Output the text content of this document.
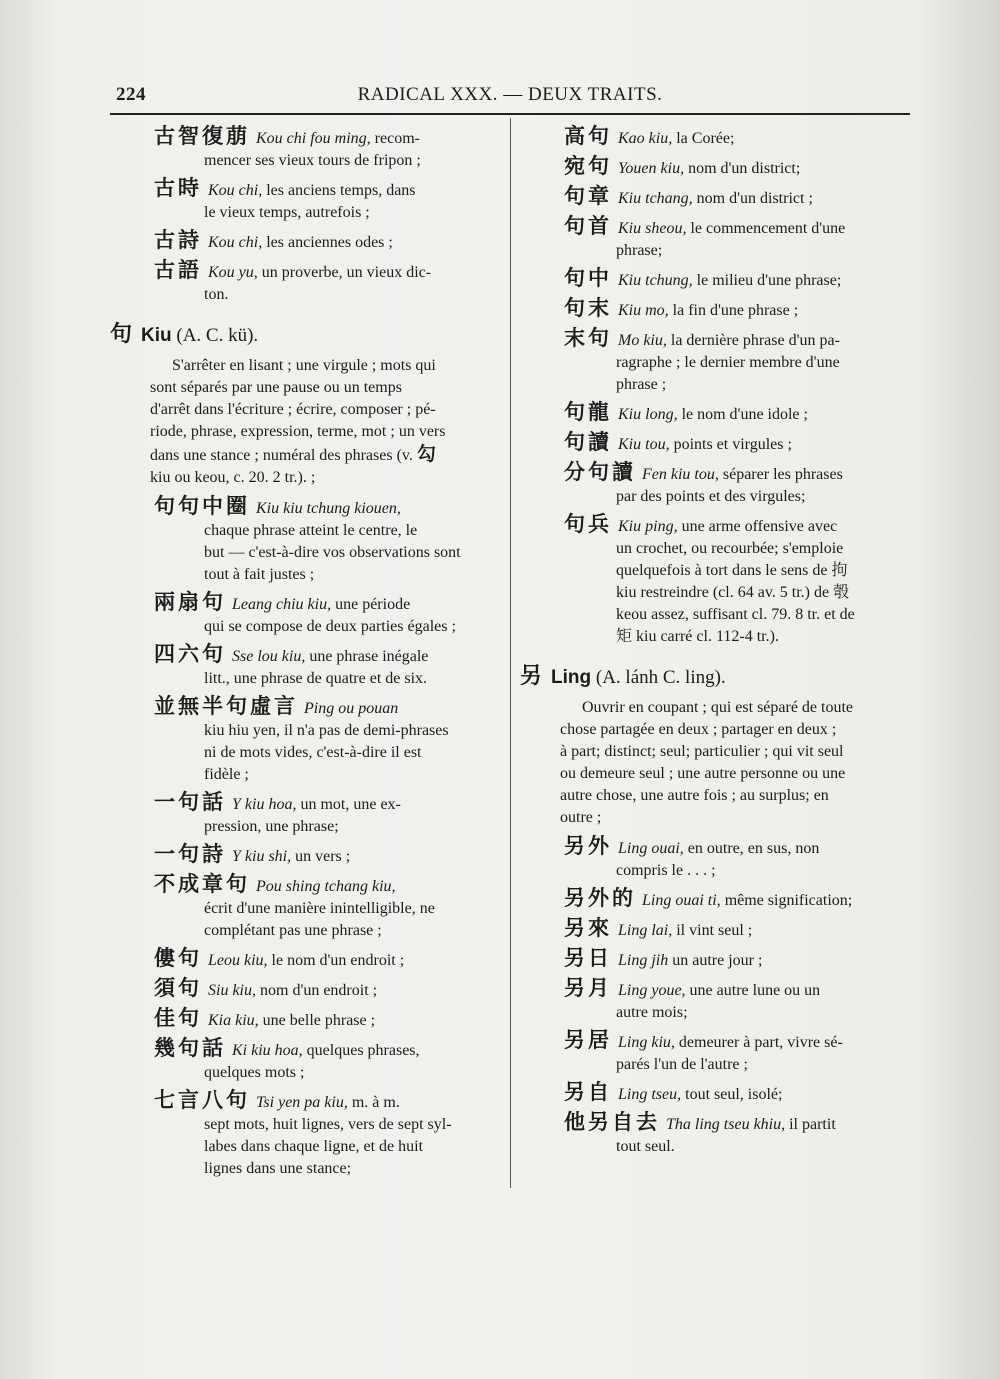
224	RADICAL XXX. — DEUX TRAITS.
古智復萠 Kou chi fou ming, recom-
mencer ses vieux tours de fripon ;
古時 Kou chi, les anciens temps, dans
le vieux temps, autrefois ;
古詩 Kou chi, les anciennes odes ;
古語 Kou yu, un proverbe, un vieux dic-
ton.
句 Kiu (A. C. kü).
S'arrêter en lisant ; une virgule ; mots qui
sont séparés par une pause ou un temps
d'arrêt dans l'écriture ; écrire, composer ; pé-
riode, phrase, expression, terme, mot ; un vers
dans une stance ; numéral des phrases (v. 勾
kiu ou keou, c. 20. 2 tr.). ;
句句中圈 Kiu kiu tchung kiouen,
chaque phrase atteint le centre, le
but — c'est-à-dire vos observations sont
tout à fait justes ;
兩扇句 Leang chiu kiu, une période
qui se compose de deux parties égales ;
四六句 Sse lou kiu, une phrase inégale
litt., une phrase de quatre et de six.
並無半句虛言 Ping ou pouan
kiu hiu yen, il n'a pas de demi-phrases
ni de mots vides, c'est-à-dire il est
fidèle ;
一句話 Y kiu hoa, un mot, une ex-
pression, une phrase;
一句詩 Y kiu shi, un vers ;
不成章句 Pou shing tchang kiu,
écrit d'une manière inintelligible, ne
complétant pas une phrase ;
僂句 Leou kiu, le nom d'un endroit ;
須句 Siu kiu, nom d'un endroit ;
佳句 Kia kiu, une belle phrase ;
幾句話 Ki kiu hoa, quelques phrases,
quelques mots ;
七言八句 Tsi yen pa kiu, m. à m.
sept mots, huit lignes, vers de sept syl-
labes dans chaque ligne, et de huit
lignes dans une stance;
高句 Kao kiu, la Corée;
宛句 Youen kiu, nom d'un district;
句章 Kiu tchang, nom d'un district ;
句首 Kiu sheou, le commencement d'une
phrase;
句中 Kiu tchung, le milieu d'une phrase;
句末 Kiu mo, la fin d'une phrase ;
末句 Mo kiu, la dernière phrase d'un pa-
ragraphe ; le dernier membre d'une
phrase ;
句龍 Kiu long, le nom d'une idole ;
句讀 Kiu tou, points et virgules ;
分句讀 Fen kiu tou, séparer les phrases
par des points et des virgules;
句兵 Kiu ping, une arme offensive avec
un crochet, ou recourbée; s'emploie
quelquefois à tort dans le sens de 拘
kiu restreindre (cl. 64 av. 5 tr.) de 彀
keou assez, suffisant cl. 79. 8 tr. et de
矩 kiu carré cl. 112-4 tr.).
另 Ling (A. lánh C. ling).
Ouvrir en coupant ; qui est séparé de toute
chose partagée en deux ; partager en deux ;
à part; distinct; seul; particulier ; qui vit seul
ou demeure seul ; une autre personne ou une
autre chose, une autre fois ; au surplus; en
outre ;
另外 Ling ouai, en outre, en sus, non
compris le . . . ;
另外的 Ling ouai ti, même signification;
另來 Ling lai, il vint seul ;
另日 Ling jih un autre jour ;
另月 Ling youe, une autre lune ou un
autre mois;
另居 Ling kiu, demeurer à part, vivre sé-
parés l'un de l'autre ;
另自 Ling tseu, tout seul, isolé;
他另自去 Tha ling tseu khiu, il partit
tout seul.
